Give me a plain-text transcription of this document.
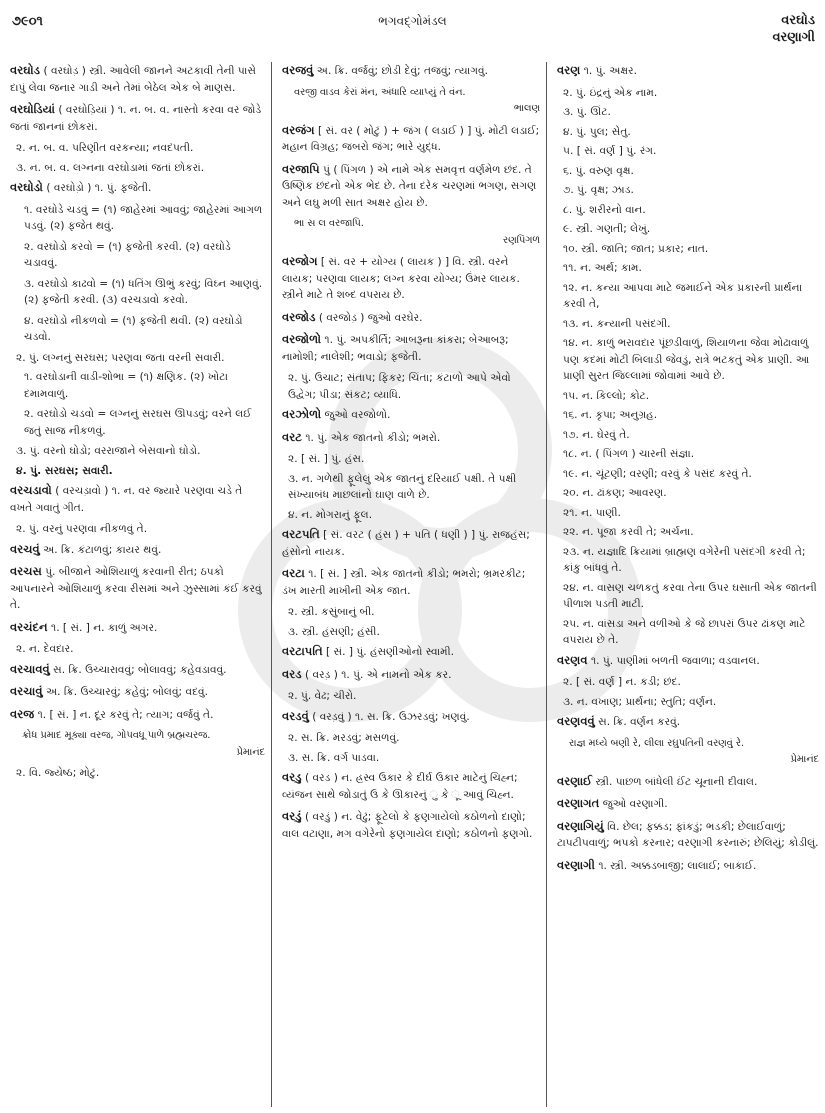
૭૯૦૧	ભગવદ્ગોમંડલ	વરઘોડ
વરણાગી

વરઘોડ ( વરઘોડ઼ ) સ્ત્રી. આવેલી જાનને અટકાવી તેની પાસે દાપું લેવા જનાર ગાડી અને તેમાં બેઠેલ એક બે માણસ.

વરઘોડિયાં ( વરઘોડ઼િયાં ) ૧. ન. બ. વ. નાસ્તો કરવા વર જોડે જતાં જાનનાં છોકરાં.

૨. ન. બ. વ. પરિણીત વરકન્યા; નવદંપતી.

૩. ન. બ. વ. લગ્નના વરઘોડામાં જતાં છોકરાં.

વરઘોડો ( વરઘોડ઼ો ) ૧. પું. ફજેતી.

૧. વરઘોડે ચડવું = (૧) જાહેરમાં આવવું; જાહેરમાં આગળ પડવું. (૨) ફજેત થવું.

૨. વરઘોડો કરવો = (૧) ફજેતી કરવી. (૨) વરઘોડે ચડાવવું.

૩. વરઘોડો કાઢવો = (૧) ધતિંગ ઊભું કરવું; વિઘ્ન આણવું. (૨) ફજેતી કરવી. (૩) વરચડાવો કરવો.

૪. વરઘોડો નીકળવો = (૧) ફજેતી થવી. (૨) વરઘોડો ચડવો.

૨. પું. લગ્નનું સરઘસ; પરણવા જતા વરની સવારી.

૧. વરઘોડાની વાડી-શોભા = (૧) ક્ષણિક. (૨) ખોટા દમામવાળું.

૨. વરઘોડો ચડવો = લગ્નનું સરઘસ ઊપડવું; વરને લઈ જતું સાજ નીકળવું.

૩. પું. વરનો ઘોડો; વરરાજાને બેસવાનો ઘોડો.

૪. પું. સરઘસ; સવારી.

વરચડાવો ( વરચડ઼ાવો ) ૧. ન. વર જ્યારે પરણવા ચડે તે વખતે ગવાતું ગીત.

૨. પું. વરનું પરણવા નીકળવું તે.

વરચવું અ. ક્રિ. કંટાળવું; કાયર થવું.

વરચસ પું. બીજાને ઓશિયાળું કરવાની રીત; ઠપકો આપનારને ઓશિયાળું કરવા રીસમાં અને ઝુસ્સામાં કંઈ કરવું તે.

વરચંદન ૧. [ સં. ] ન. કાળું અગર.

૨. ન. દેવદાર.

વરચાવવું સ. ક્રિ. ઉચ્ચારાવવું; બોલાવવું; કહેવડાવવું.

વરચાવું અ. ક્રિ. ઉચ્ચારવું; કહેવું; બોલવું; વદવું.

વરજ ૧. [ સં. ] ન. દૂર કરવું તે; ત્યાગ; વર્જવું તે.

ક્રોધ પ્રમાદ મૂક્યા વરજ, ગોપવધૂ પાળે બ્રહ્મચરજ.

પ્રેમાનંદ

૨. વિ. જ્યેષ્ઠ; મોટું.

વરજવું અ. ક્રિ. વર્જવું; છોડી દેવું; તજવું; ત્યાગવું.

વરજી વાડવ કેરાં મંન, અંધારિ વ્યાપ્યું તે વંન.

ભાલણ

વરજંગ [ સં. વર ( મોટું ) + જંગ ( લડાઈ ) ] પું. મોટી લડાઈ; મહાન વિગ્રહ; જબરો જંગ; ભારે યુદ્ધ.

વરજાપિ પું ( પિંગળ ) એ નામે એક સમવૃત્ત વર્ણમેળ છંદ. તે ઉષ્ણિક છંદનો એક ભેદ છે. તેના દરેક ચરણમાં ભગણ, સગણ અને લઘુ મળી સાત અક્ષર હોય છે.

ભા સ લ વરજાપિ.

રણપિંગળ

વરજોગ [ સં. વર + યોગ્ય ( લાયક ) ] વિ. સ્ત્રી. વરને લાયક; પરણવા લાયક; લગ્ન કરવા યોગ્ય; ઉંમર લાયક. સ્ત્રીને માટે તે શબ્દ વપરાય છે.

વરજોડ ( વરજોડ઼ ) જુઓ વરઘેર.

વરજોળો ૧. પું. અપકીર્તિ; આબરૂના કાંકરા; બેઆબરૂ; નામોશી; નાલેશી; ભવાડો; ફજેતી.

૨. પું. ઉચાટ; સંતાપ; ફિકર; ચિંતા; કંટાળો આપે એવો ઉદ્વેગ; પીડા; સંકટ; વ્યાધિ.

વરઝોળો જુઓ વરજોળો.

વરટ ૧. પું. એક જાતનો કીડો; ભમરો.

૨. [ સં. ] પું. હંસ.

૩. ન. ગળેથી ફૂલેલું એક જાતનું દરિયાઈ પક્ષી. તે પક્ષી સંખ્યાબંધ માછલાંનો ઘાણ વાળે છે.

૪. ન. મોગરાનું ફૂલ.

વરટપતિ [ સં. વરટ ( હંસ ) + પતિ ( ધણી ) ] પું. રાજહંસ; હંસોનો નાયક.

વરટા ૧. [ સં. ] સ્ત્રી. એક જાતનો કીડો; ભમરો; ભ્રમરકીટ; ડંખ મારતી માખીની એક જાત.

૨. સ્ત્રી. કસુંબાનું બી.

૩. સ્ત્રી. હંસણી; હંસી.

વરટાપતિ [ સં. ] પું. હંસણીઓનો સ્વામી.

વરડ ( વરડ઼ ) ૧. પું. એ નામનો એક કર.

૨. પું. વેઢ; ચીરો.

વરડવું ( વરડ઼વું ) ૧. સ. ક્રિ. ઉઝરડવું; ખણવું.

૨. સ. ક્રિ. મરડવું; મસળવું.

૩. સ. ક્રિ. વર્ગ પાડવા.

વરડુ ( વરડ ) ન. હ્રસ્વ ઉકાર કે દીર્ઘ ઉકાર માટેનું ચિહ્ન; વ્યંજન સાથે જોડાતું ઉ કે ઊકારનું ુ કે ૂ આવું ચિહ્ન.

વરડું ( વરડ઼ું ) ન. વેઢું; ફૂટેલો કે ફણગાયેલો કઠોળનો દાણો; વાલ વટાણા, મગ વગેરેનો ફણગાયેલ દાણો; કઠોળનો ફણગો.

વરણ ૧. પું. અક્ષર.

૨. પું. ઇંદ્રનું એક નામ.

૩. પું. ઊંટ.

૪. પું. પુલ; સેતુ.

૫. [ સં. વર્ણ ] પું. રંગ.

૬. પું. વરુણ વૃક્ષ.

૭. પું. વૃક્ષ; ઝાડ.

૮. પું. શરીરનો વાન.

૯. સ્ત્રી. ગણતી; લેખું.

૧૦. સ્ત્રી. જાતિ; જાત; પ્રકાર; નાત.

૧૧. ન. અર્થ; કામ.

૧૨. ન. કન્યા આપવા માટે જમાઈને એક પ્રકારની પ્રાર્થના કરવી તે,

૧૩. ન. કન્યાની પસંદગી.

૧૪. ન. કાળું ભરાવદાર પૂંછડીવાળું, શિયાળના જેવા મોઢાવાળું પણ કદમાં મોટી બિલાડી જેવડું, રાત્રે ભટકતું એક પ્રાણી. આ પ્રાણી સુરત જિલ્લામાં જોવામાં આવે છે.

૧૫. ન. કિલ્લો; કોટ.

૧૬. ન. કૃપા; અનુગ્રહ.

૧૭. ન. ઘેરવું તે.

૧૮. ન. ( પિંગળ ) ચારની સંજ્ઞા.

૧૯. ન. ચૂંટણી; વરણી; વરવું કે પસંદ કરવું તે.

૨૦. ન. ઢાંકણ; આવરણ.

૨૧. ન. પાણી.

૨૨. ન. પૂજા કરવી તે; અર્ચના.

૨૩. ન. યજ્ઞાદિ ક્રિયામાં બ્રાહ્મણ વગેરેની પસંદગી કરવી તે; કાંકુ બાંધવું તે.

૨૪. ન. વાસણ ચળકતું કરવા તેના ઉપર ઘસાતી એક જાતની પીળાશ પડતી માટી.

૨૫. ન. વાંસડા અને વળીઓ કે જે છાપરાં ઉપર ઢાંકણ માટે વપરાય છે તે.

વરણવ ૧. પું. પાણીમાં બળતી જવાળા; વડવાનલ.

૨. [ સં. વર્ણ ] ન. કડી; છંદ.

૩. ન. વખાણ; પ્રાર્થના; સ્તુતિ; વર્ણન.

વરણવવું સ. ક્રિ. વર્ણન કરવું.

રાજ્ઞ મધ્યે બણી રે, લીલા રઘુપતિની વરણવું રે.

પ્રેમાનંદ

વરણાઈ સ્ત્રી. પાછળ બાંધેલી ઈંટ ચૂનાની દીવાલ.

વરણાગત જુઓ વરણાગી.

વરણાગિયું વિ. છેલ; ફક્કડ; ફાંકડું; ભડકી; છેલાઈવાળું; ટાપટીપવાળું; ભપકો કરનાર; વરણાગી કરનારું; છેલિયું; કોડીલું.

વરણાગી ૧. સ્ત્રી. અક્કડબાજી; લાલાઈ; બાકાઈ.
